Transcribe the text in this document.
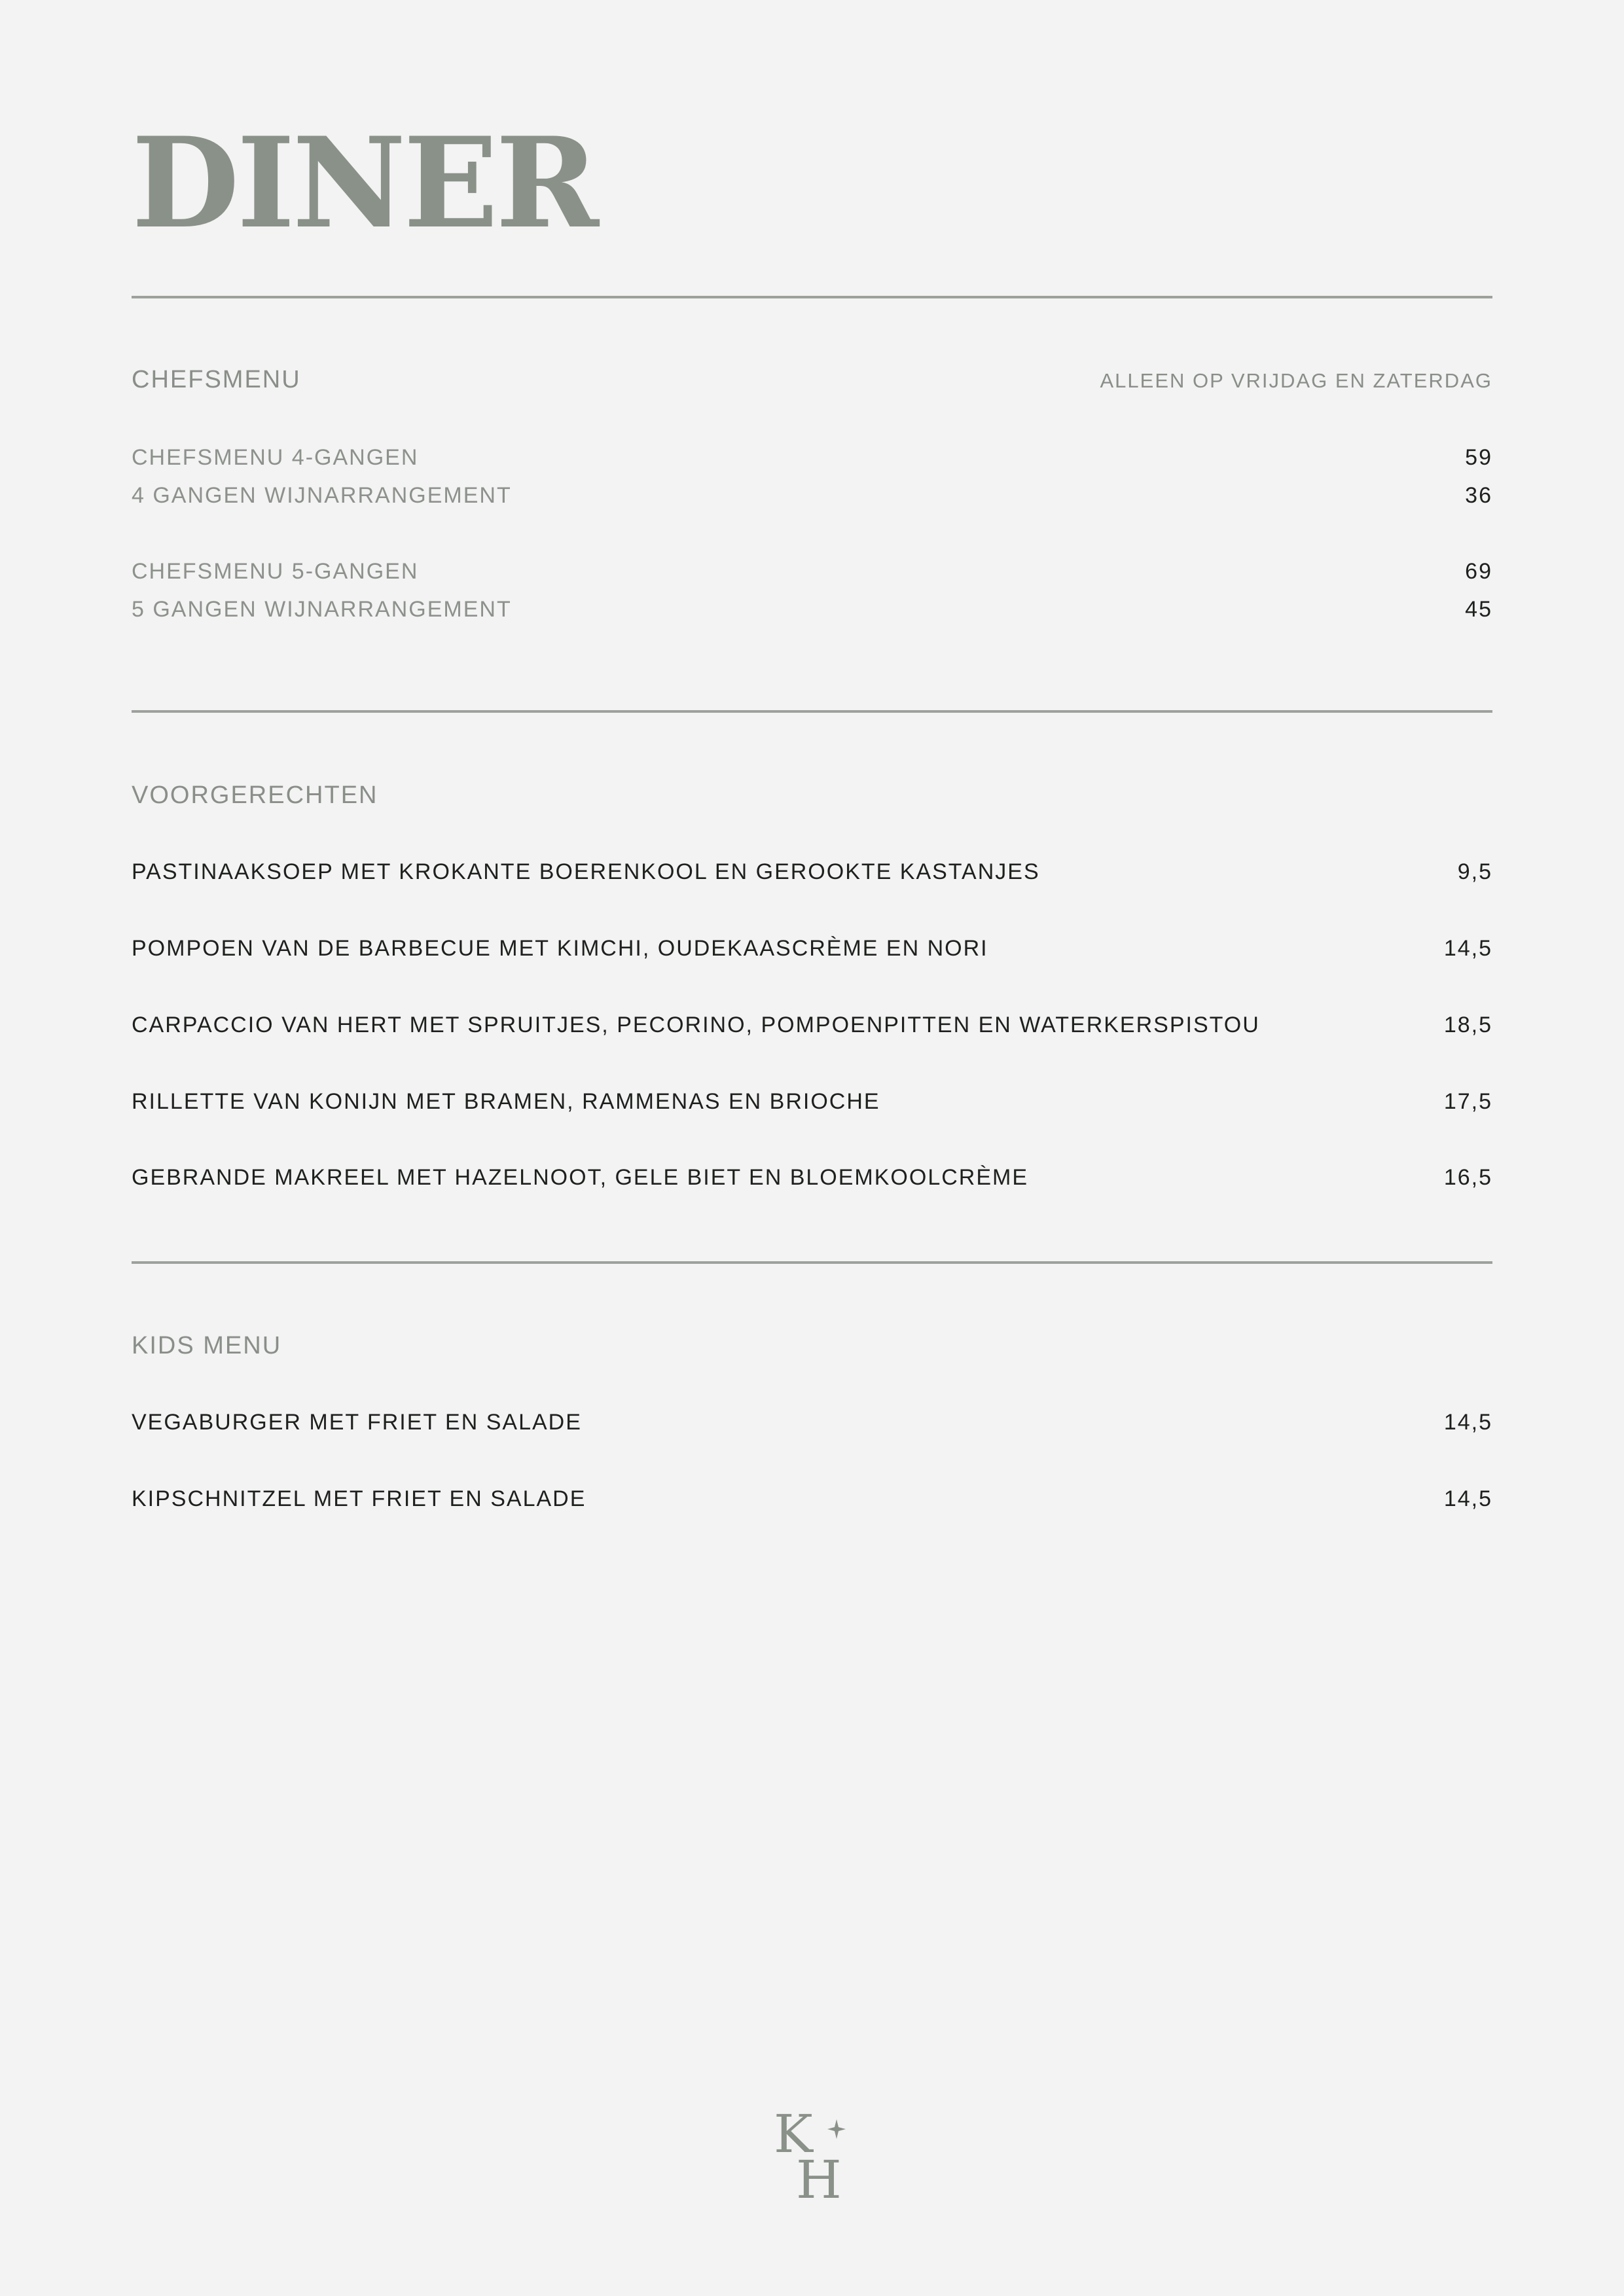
DINER
CHEFSMENU	ALLEEN OP VRIJDAG EN ZATERDAG
CHEFSMENU 4-GANGEN	59
4 GANGEN WIJNARRANGEMENT	36
CHEFSMENU 5-GANGEN	69
5 GANGEN WIJNARRANGEMENT	45
VOORGERECHTEN
PASTINAAKSOEP MET KROKANTE BOERENKOOL EN GEROOKTE KASTANJES	9,5
POMPOEN VAN DE BARBECUE MET KIMCHI, OUDEKAASCRÈME EN NORI	14,5
CARPACCIO VAN HERT MET SPRUITJES, PECORINO, POMPOENPITTEN EN WATERKERSPISTOU	18,5
RILLETTE VAN KONIJN MET BRAMEN, RAMMENAS EN BRIOCHE	17,5
GEBRANDE MAKREEL MET HAZELNOOT, GELE BIET EN BLOEMKOOLCRÈME	16,5
KIDS MENU
VEGABURGER MET FRIET EN SALADE	14,5
KIPSCHNITZEL MET FRIET EN SALADE	14,5
K
H
